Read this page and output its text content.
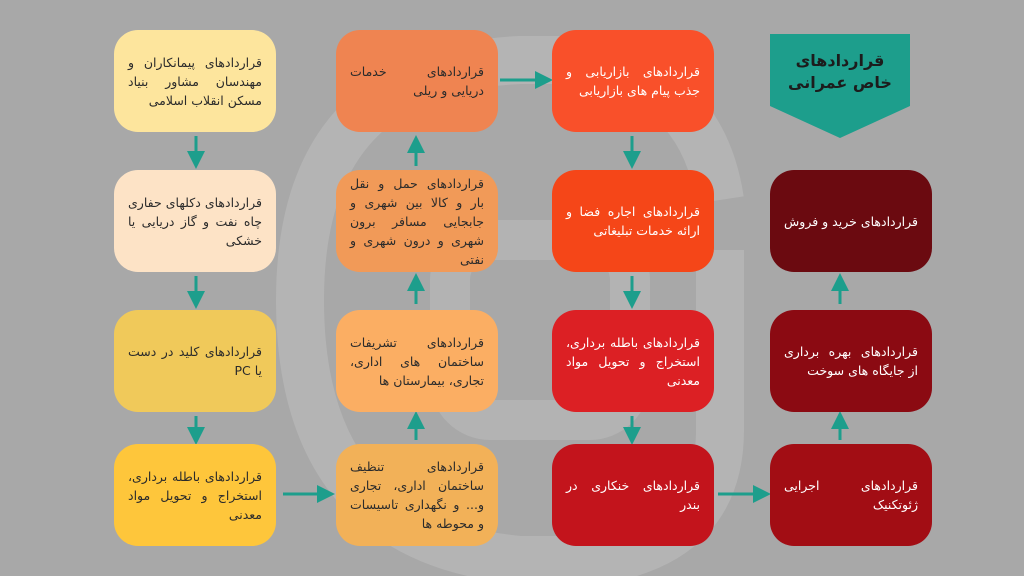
قراردادهای پیمانکاران و مهندسان مشاور بنیاد مسکن انقلاب اسلامی
قراردادهای دکلهای حفاری چاه نفت و گاز دریایی یا خشکی
قراردادهای کلید در دست یا PC
قراردادهای باطله برداری، استخراج و تحویل مواد معدنی
قراردادهای خدمات دریایی و ریلی
قراردادهای حمل و نقل بار و کالا بین شهری و جابجایی مسافر برون شهری و درون شهری و نفتی
قراردادهای تشریفات ساختمان های اداری، تجاری، بیمارستان ها
قراردادهای تنظیف ساختمان اداری، تجاری و... و نگهداری تاسیسات و محوطه ها
قراردادهای بازاریابی و جذب پیام های بازاریابی
قراردادهای اجاره فضا و ارائه خدمات تبلیغاتی
قراردادهای باطله برداری، استخراج و تحویل مواد معدنی
قراردادهای خنکاری در بندر
قراردادهای
خاص عمرانی
قراردادهای خرید و فروش
قراردادهای بهره برداری از جایگاه های سوخت
قراردادهای اجرایی ژئوتکنیک
